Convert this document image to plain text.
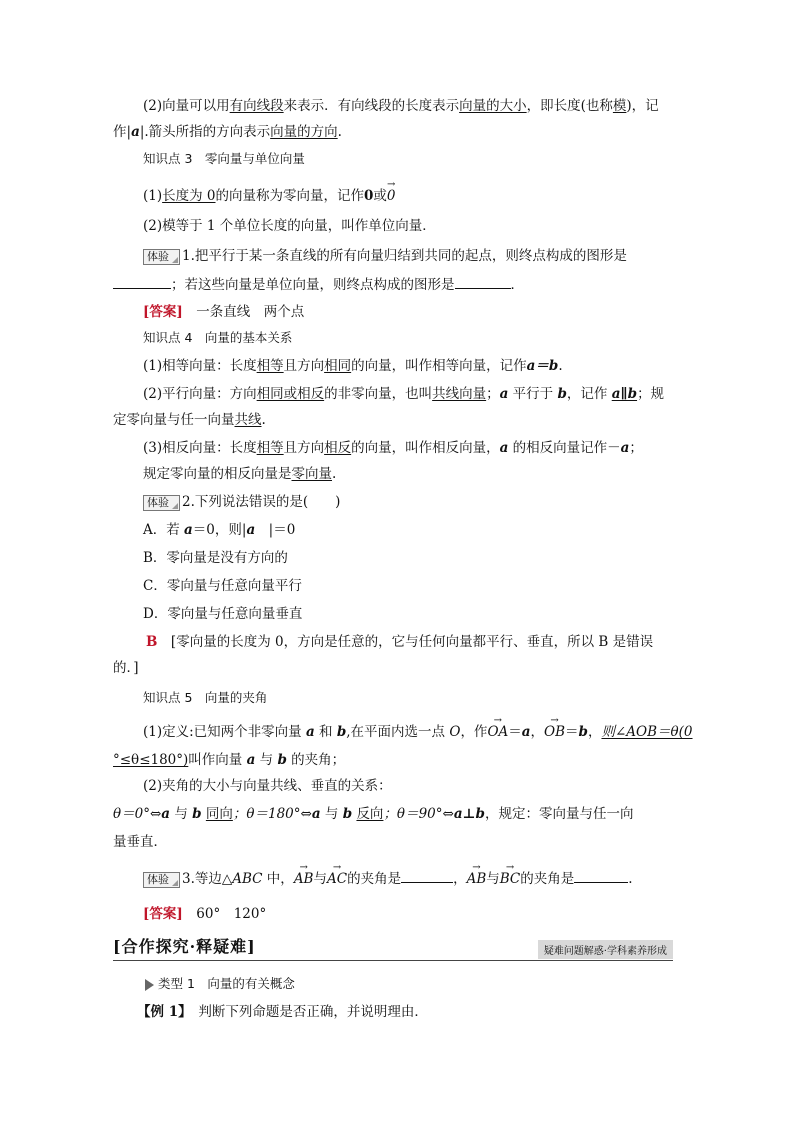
(2)向量可以用有向线段来表示．有向线段的长度表示向量的大小，即长度(也称模)，记
作|a|.箭头所指的方向表示向量的方向.
知识点 3　零向量与单位向量
(1)长度为 0的向量称为零向量，记作0或→ 0
(2)模等于 1 个单位长度的向量，叫作单位向量．
体验 1.把平行于某一条直线的所有向量归结到共同的起点，则终点构成的图形是
；若这些向量是单位向量，则终点构成的图形是	．
[答案]　一条直线　两个点
知识点 4　向量的基本关系
(1)相等向量：长度相等且方向相同的向量，叫作相等向量，记作a＝b.
(2)平行向量：方向相同或相反的非零向量，也叫共线向量；a 平行于 b，记作 a∥b；规
定零向量与任一向量共线.
(3)相反向量：长度相等且方向相反的向量，叫作相反向量，a 的相反向量记作－a；
规定零向量的相反向量是零向量.
体验 2.下列说法错误的是(　　)
A．若 a＝0，则|a　|＝0
B．零向量是没有方向的
C．零向量与任意向量平行
D．零向量与任意向量垂直
B　[零向量的长度为 0，方向是任意的，它与任何向量都平行、垂直，所以 B 是错误
的．]
知识点 5　向量的夹角
(1)定义:已知两个非零向量 a 和 b,在平面内选一点 O，作→ OA＝a，→ OB＝b，则∠AOB＝θ(0
°≤θ≤180°)叫作向量 a 与 b 的夹角；
(2)夹角的大小与向量共线、垂直的关系：
θ＝0°⇔a 与 b 同向；θ＝180°⇔a 与 b 反向；θ＝90°⇔a⊥b，规定：零向量与任一向
量垂直．
体验 3.等边△ABC 中，→ AB与→ AC的夹角是	，→ AB与→ BC的夹角是	.
[答案]　60°　120°
[合作探究·释疑难]	疑难问题解惑·学科素养形成
类型 1　向量的有关概念
【例 1】　判断下列命题是否正确，并说明理由．
